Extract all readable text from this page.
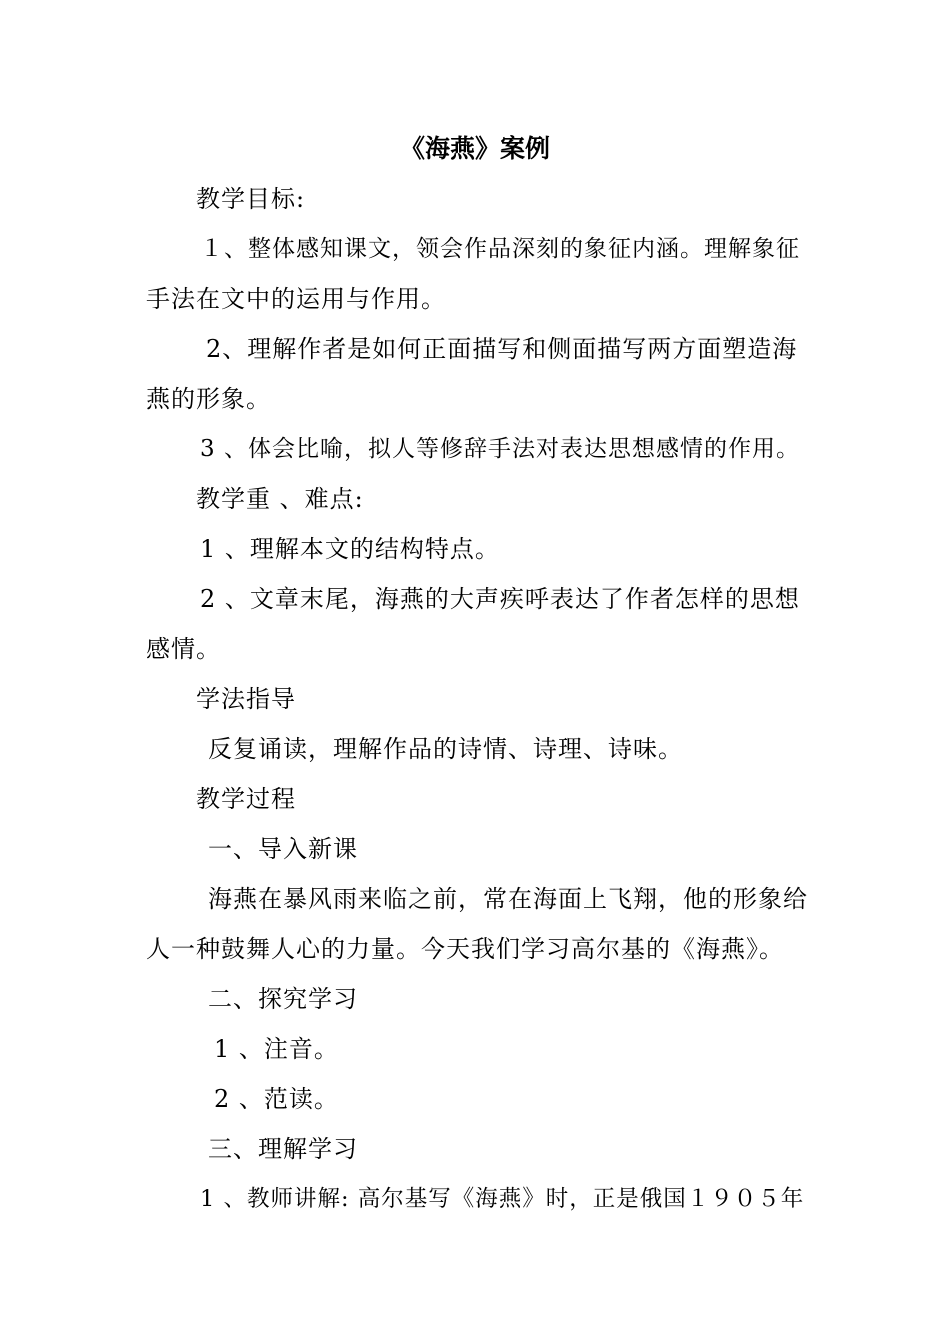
《海燕》案例
教学目标:
１、整体感知课文，领会作品深刻的象征内涵。理解象征
手法在文中的运用与作用。
2、理解作者是如何正面描写和侧面描写两方面塑造海
燕的形象。
3 、体会比喻，拟人等修辞手法对表达思想感情的作用。
教学重 、难点:
1 、理解本文的结构特点。
2 、文章末尾，海燕的大声疾呼表达了作者怎样的思想
感情。
学法指导
反复诵读，理解作品的诗情、诗理、诗味。
教学过程
一、导入新课
海燕在暴风雨来临之前，常在海面上飞翔，他的形象给
人一种鼓舞人心的力量。今天我们学习高尔基的《海燕》。
二、探究学习
1 、注音。
2 、范读。
三、理解学习
1 、教师讲解: 高尔基写《海燕》时，正是俄国１９０５年
